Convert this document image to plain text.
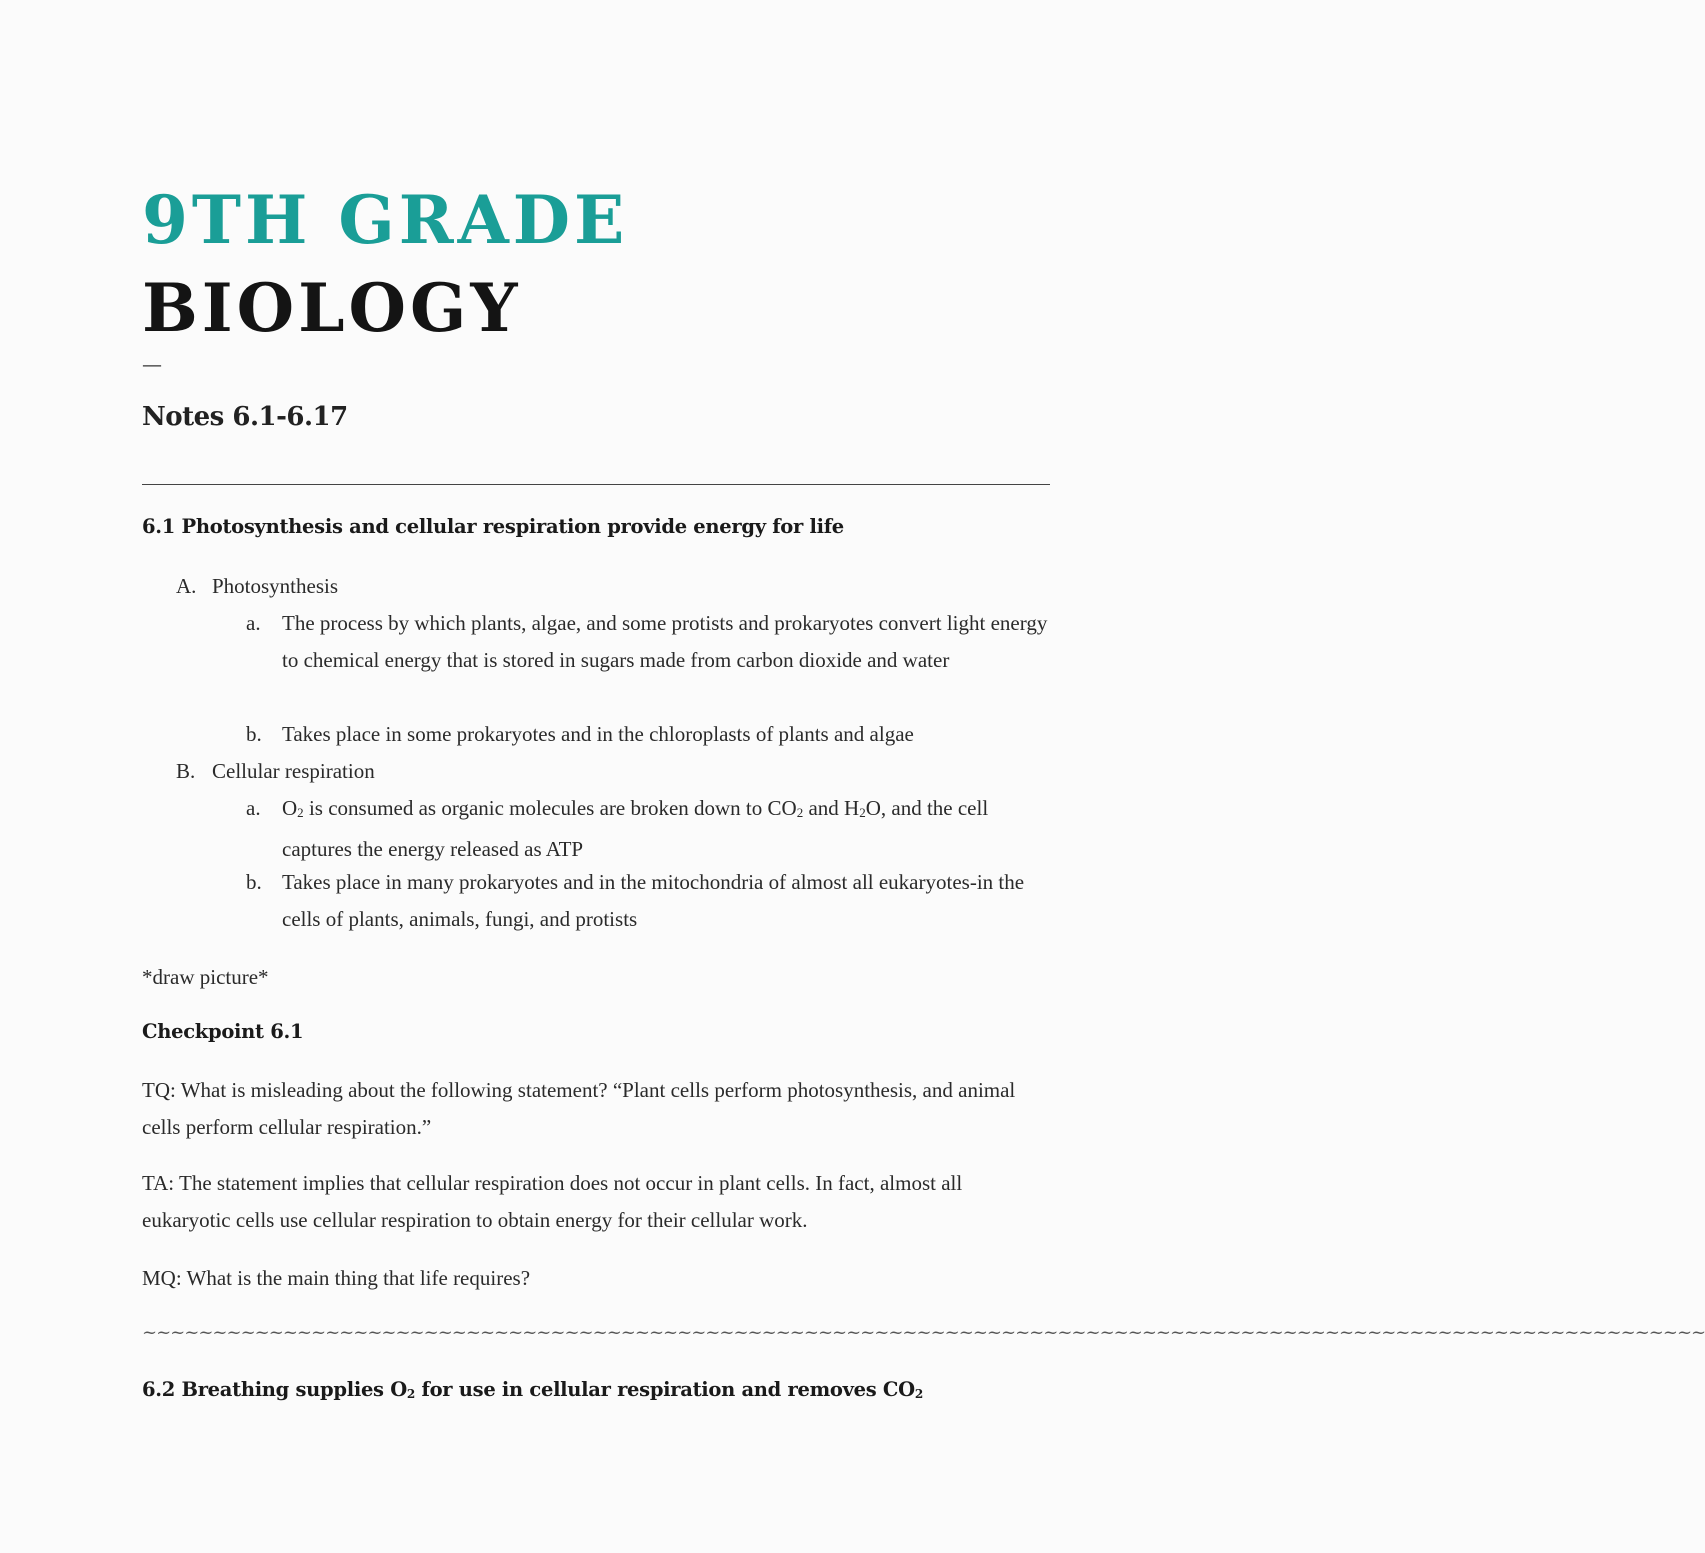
9TH GRADE
BIOLOGY
—
Notes 6.1-6.17
6.1 Photosynthesis and cellular respiration provide energy for life
A. Photosynthesis
a. The process by which plants, algae, and some protists and prokaryotes convert light energy to chemical energy that is stored in sugars made from carbon dioxide and water
b. Takes place in some prokaryotes and in the chloroplasts of plants and algae
B. Cellular respiration
a. $O_2$ is consumed as organic molecules are broken down to $CO_2$ and $H_2O$, and the cell captures the energy released as ATP
b. Takes place in many prokaryotes and in the mitochondria of almost all eukaryotes-in the cells of plants, animals, fungi, and protists
*draw picture*
Checkpoint 6.1
TQ: What is misleading about the following statement? “Plant cells perform photosynthesis, and animal cells perform cellular respiration.”
TA: The statement implies that cellular respiration does not occur in plant cells. In fact, almost all eukaryotic cells use cellular respiration to obtain energy for their cellular work.
MQ: What is the main thing that life requires?
~~~~~~~~~~~~~~~~~~~~~~~~~~~~~~~~~~~~~~~~~~~~~~~~~~~~~~~~~~~~~~~~~~~~~~~~~~~~~~~~~~~~~~~~~~~~~~~~~~~~~~~~~~~~~~~
6.2 Breathing supplies $O_2$ for use in cellular respiration and removes $CO_2$
